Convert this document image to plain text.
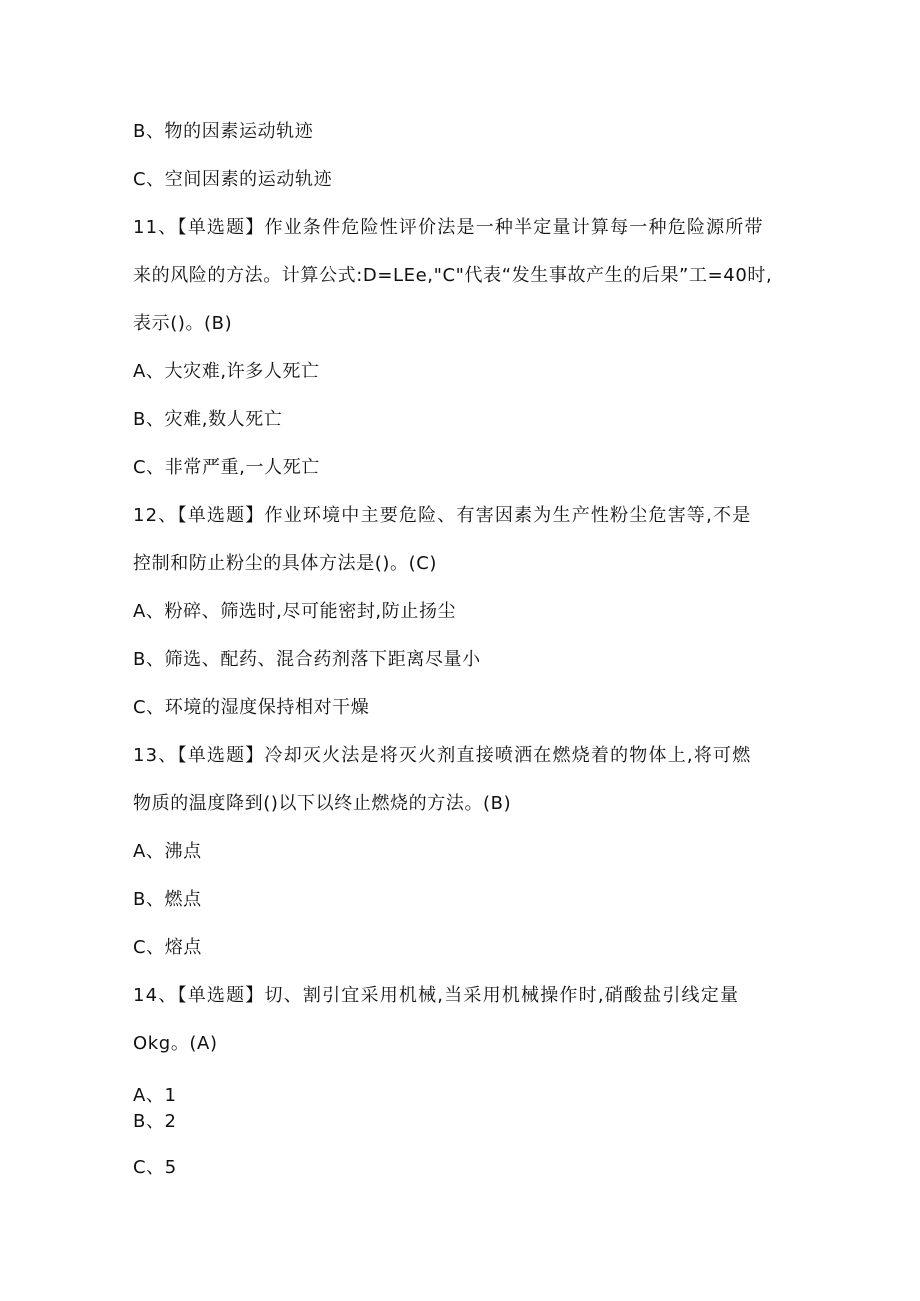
B、物的因素运动轨迹
C、空间因素的运动轨迹
11、【单选题】作业条件危险性评价法是一种半定量计算每一种危险源所带
来的风险的方法。计算公式:D=LEe,"C"代表“发生事故产生的后果”工=40时,
表示()。(B)
A、大灾难,许多人死亡
B、灾难,数人死亡
C、非常严重,一人死亡
12、【单选题】作业环境中主要危险、有害因素为生产性粉尘危害等,不是
控制和防止粉尘的具体方法是()。(C)
A、粉碎、筛选时,尽可能密封,防止扬尘
B、筛选、配药、混合药剂落下距离尽量小
C、环境的湿度保持相对干燥
13、【单选题】冷却灭火法是将灭火剂直接喷洒在燃烧着的物体上,将可燃
物质的温度降到()以下以终止燃烧的方法。(B)
A、沸点
B、燃点
C、熔点
14、【单选题】切、割引宜采用机械,当采用机械操作时,硝酸盐引线定量
Okg。(A)
A、1
B、2
C、5
